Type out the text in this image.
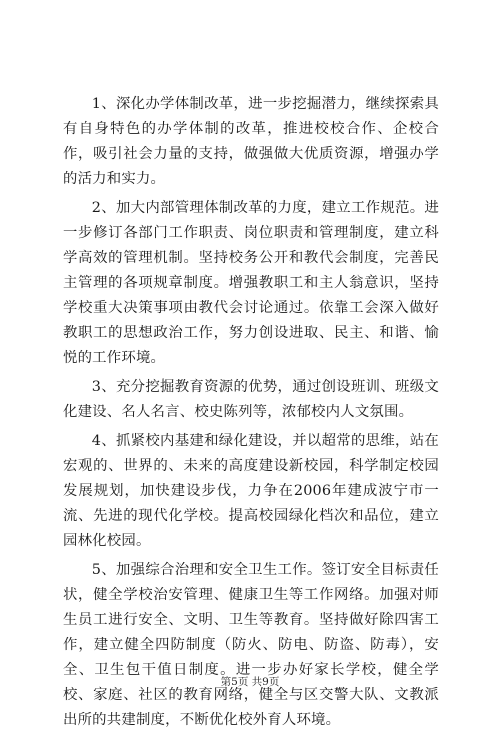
1、深化办学体制改革，进一步挖掘潜力，继续探索具有自身特色的办学体制的改革，推进校校合作、企校合作，吸引社会力量的支持，做强做大优质资源，增强办学的活力和实力。

2、加大内部管理体制改革的力度，建立工作规范。进一步修订各部门工作职责、岗位职责和管理制度，建立科学高效的管理机制。坚持校务公开和教代会制度，完善民主管理的各项规章制度。增强教职工和主人翁意识，坚持学校重大决策事项由教代会讨论通过。依靠工会深入做好教职工的思想政治工作，努力创设进取、民主、和谐、愉悦的工作环境。

3、充分挖掘教育资源的优势，通过创设班训、班级文化建设、名人名言、校史陈列等，浓郁校内人文氛围。

4、抓紧校内基建和绿化建设，并以超常的思维，站在宏观的、世界的、未来的高度建设新校园，科学制定校园发展规划，加快建设步伐，力争在2006年建成波宁市一流、先进的现代化学校。提高校园绿化档次和品位，建立园林化校园。

5、加强综合治理和安全卫生工作。签订安全目标责任状，健全学校治安管理、健康卫生等工作网络。加强对师生员工进行安全、文明、卫生等教育。坚持做好除四害工作，建立健全四防制度（防火、防电、防盗、防毒），安全、卫生包干值日制度。进一步办好家长学校，健全学校、家庭、社区的教育网络，健全与区交警大队、文教派出所的共建制度，不断优化校外育人环境。

第5页 共9页
